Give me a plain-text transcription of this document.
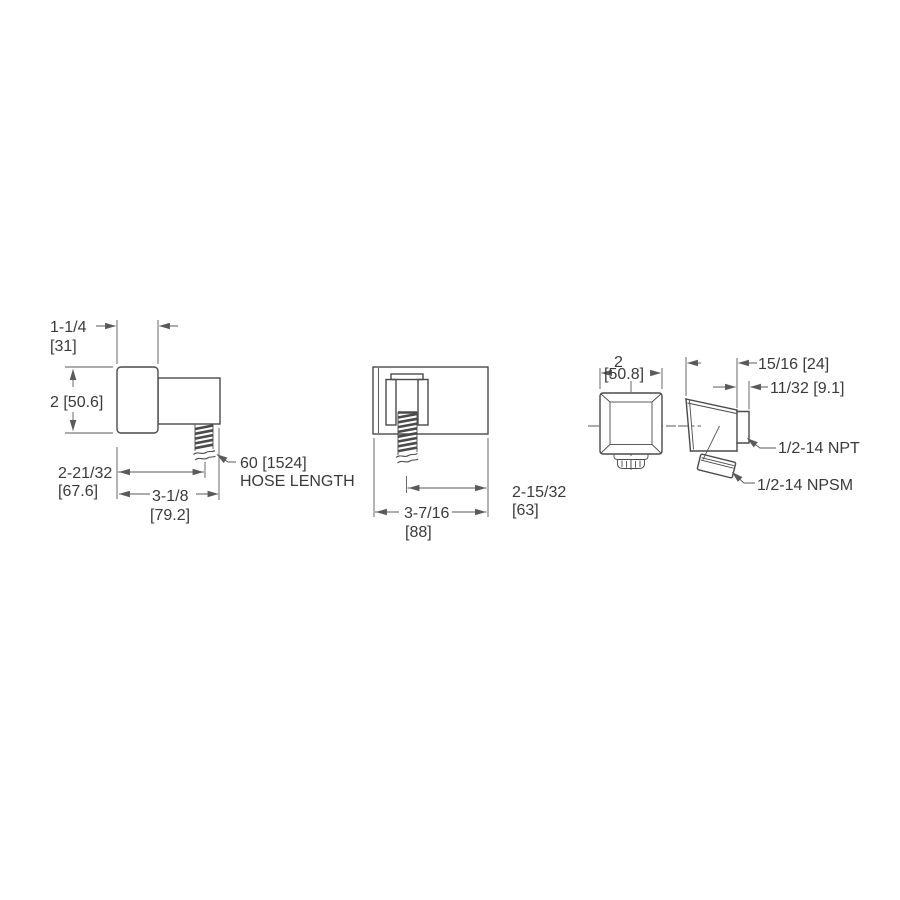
1-1/4
[31]
2 [50.6]
2-21/32
[67.6]	3-1/8
[79.2]
60 [1524]
HOSE LENGTH
2-15/32
[63]
3-7/16
[88]
2
[50.8]
15/16 [24]
11/32 [9.1]
1/2-14 NPT
1/2-14 NPSM
